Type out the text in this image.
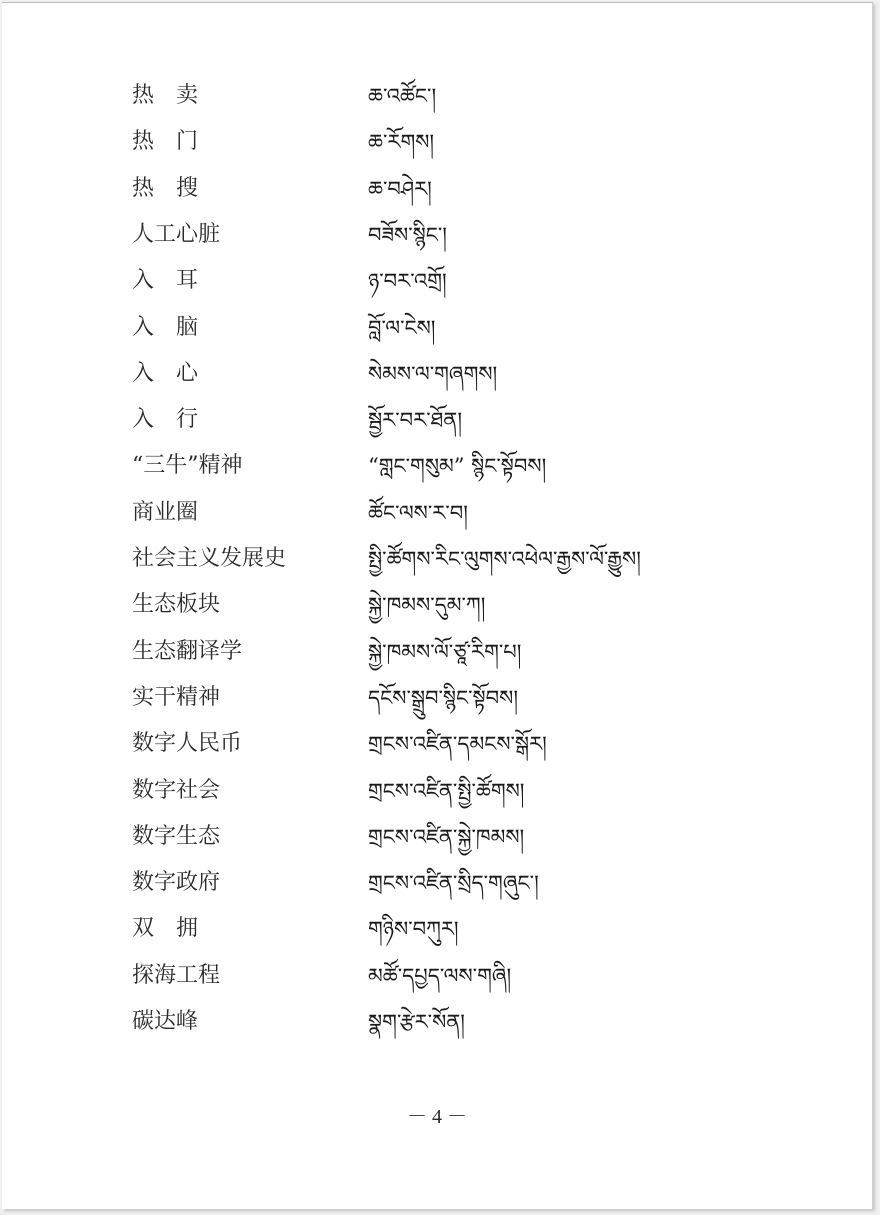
热　卖	ཆ་འཚོང་།
热　门	ཆ་རོགས།
热　搜	ཆ་བཤེར།
人工心脏	བཟོས་སྙིང་།
入　耳	ཉ་བར་འགྲོ།
入　脑	བློ་ལ་ངེས།
入　心	སེམས་ལ་གཞགས།
入　行	སྦྱོར་བར་ཐོན།
“三牛”精神	“གླང་གསུམ” སྙིང་སྟོབས།
商业圈	ཚོང་ལས་ར་བ།
社会主义发展史	སྤྱི་ཚོགས་རིང་ལུགས་འཕེལ་རྒྱས་ལོ་རྒྱུས།
生态板块	སྐྱེ་ཁམས་དུམ་ཀ།
生态翻译学	སྐྱེ་ཁམས་ལོ་ཙཱ་རིག་པ།
实干精神	དངོས་སྒྲུབ་སྙིང་སྟོབས།
数字人民币	གྲངས་འཛིན་དམངས་སྒོར།
数字社会	གྲངས་འཛིན་སྤྱི་ཚོགས།
数字生态	གྲངས་འཛིན་སྐྱེ་ཁམས།
数字政府	གྲངས་འཛིན་སྲིད་གཞུང་།
双　拥	གཉིས་བཀུར།
探海工程	མཚོ་དཔྱད་ལས་གཞི།
碳达峰	སྣག་རྩེར་སོན།
－ 4 －
